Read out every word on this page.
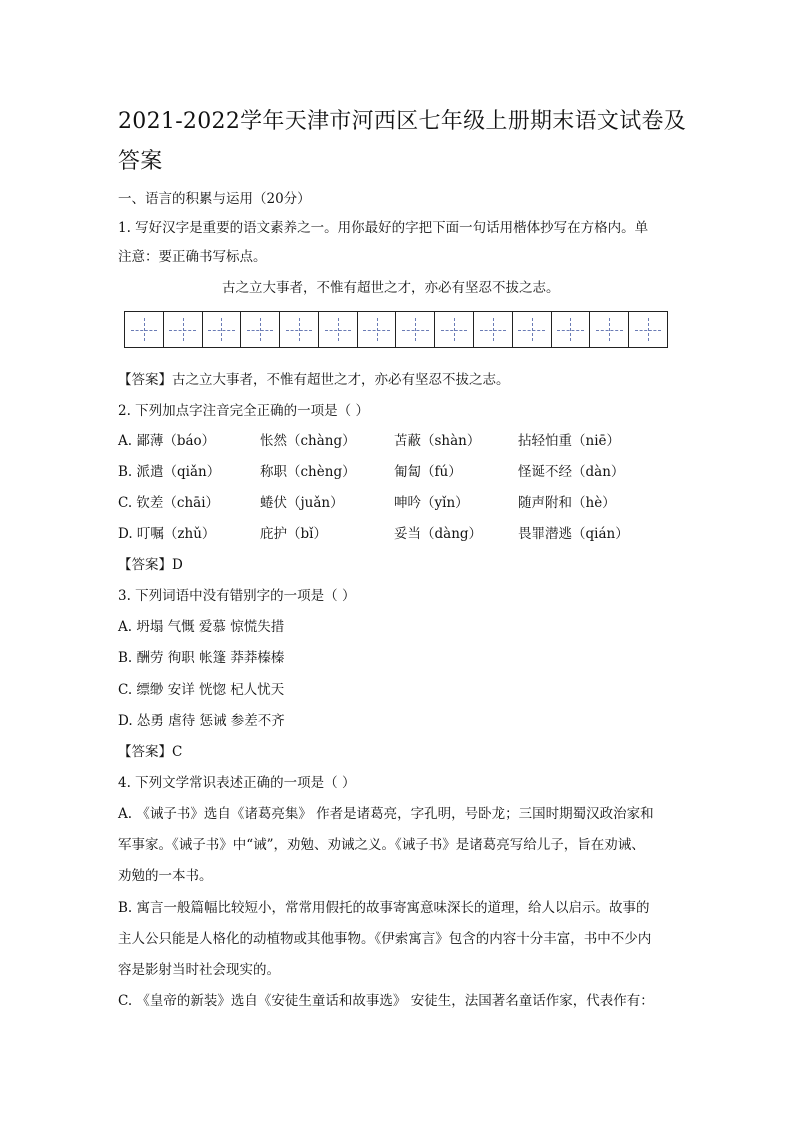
2021-2022学年天津市河西区七年级上册期末语文试卷及答案
一、语言的积累与运用（20分）
1. 写好汉字是重要的语文素养之一。用你最好的字把下面一句话用楷体抄写在方格内。单
注意：要正确书写标点。
古之立大事者，不惟有超世之才，亦必有坚忍不拔之志。
【答案】古之立大事者，不惟有超世之才，亦必有坚忍不拔之志。
2. 下列加点字注音完全正确的一项是（ ）
A. 鄙薄（báo）	怅然（chàng）	苫蔽（shàn）	拈轻怕重（niē）
B. 派遣（qiǎn）	称职（chèng）	匍匐（fú）	怪诞不经（dàn）
C. 钦差（chāi）	蜷伏（juǎn）	呻吟（yǐn）	随声附和（hè）
D. 叮嘱（zhǔ）	庇护（bǐ）	妥当（dàng）	畏罪潜逃（qián）
【答案】D
3. 下列词语中没有错别字的一项是（ ）
A. 坍塌 气慨 爱慕 惊慌失措
B. 酬劳 徇职 帐篷 莽莽榛榛
C. 缥缈 安详 恍惚 杞人忧天
D. 怂勇 虐待 惩诫 参差不齐
【答案】C
4. 下列文学常识表述正确的一项是（ ）
A. 《诫子书》选自《诸葛亮集》 作者是诸葛亮，字孔明，号卧龙；三国时期蜀汉政治家和
军事家。《诫子书》中“诫”，劝勉、劝诫之义。《诫子书》是诸葛亮写给儿子，旨在劝诫、
劝勉的一本书。
B. 寓言一般篇幅比较短小，常常用假托的故事寄寓意味深长的道理，给人以启示。故事的
主人公只能是人格化的动植物或其他事物。《伊索寓言》包含的内容十分丰富，书中不少内
容是影射当时社会现实的。
C. 《皇帝的新装》选自《安徒生童话和故事选》 安徒生，法国著名童话作家，代表作有：
